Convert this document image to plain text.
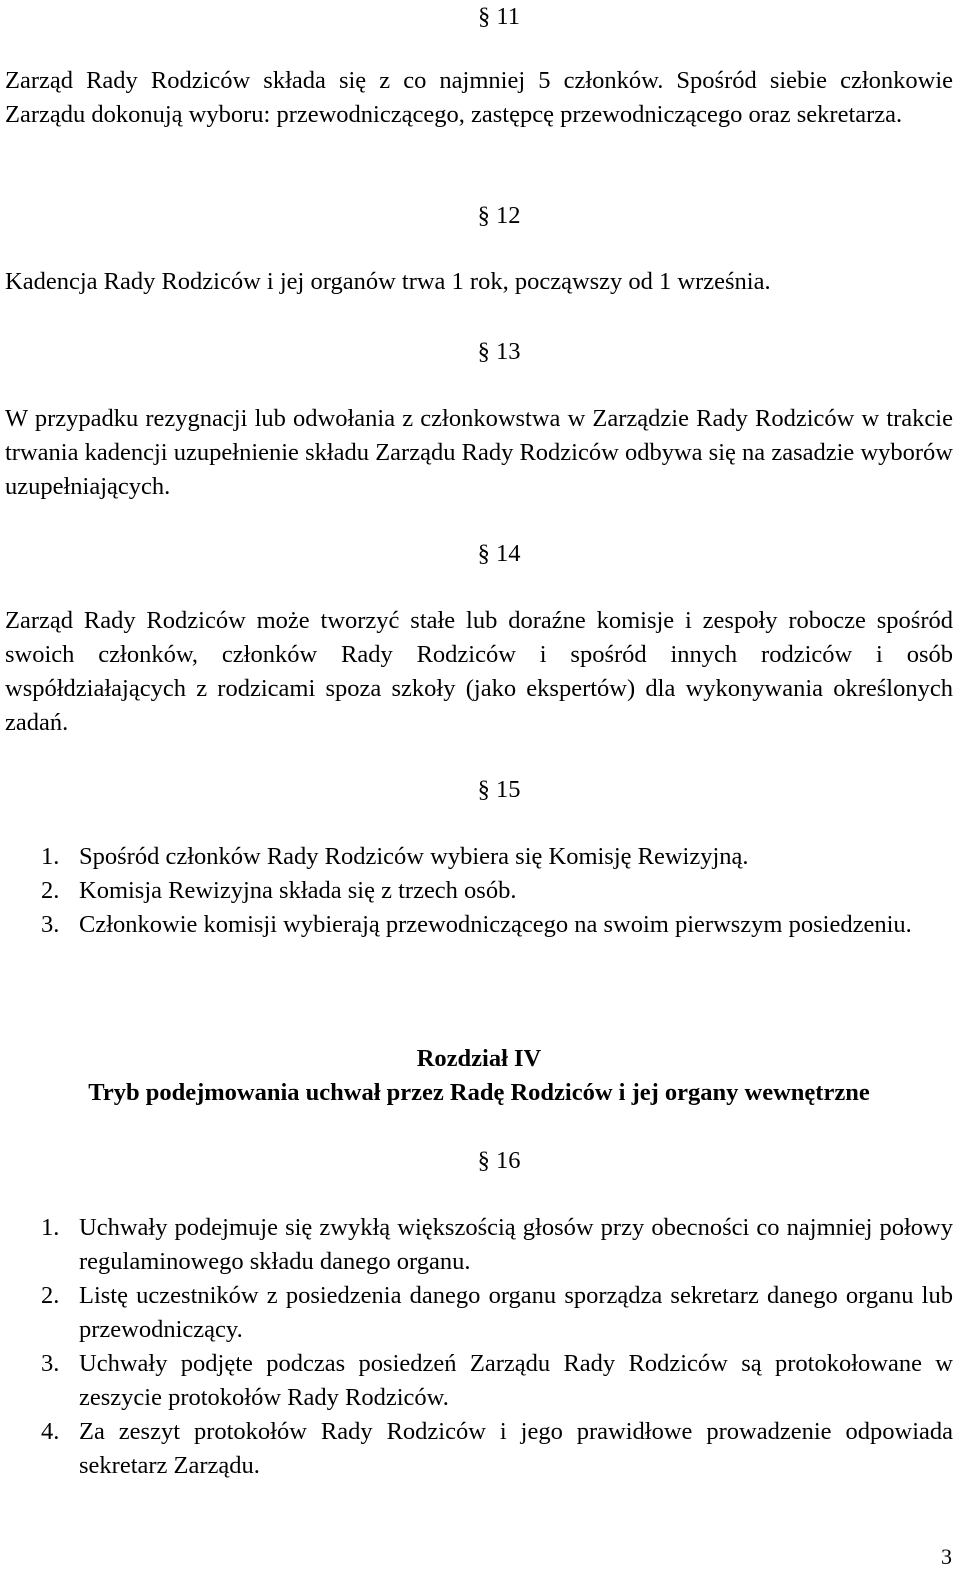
§ 11

Zarząd Rady Rodziców składa się z co najmniej 5 członków. Spośród siebie członkowie Zarządu dokonują wyboru: przewodniczącego, zastępcę przewodniczącego oraz sekretarza.

§ 12

Kadencja Rady Rodziców i jej organów trwa 1 rok, począwszy od 1 września.

§ 13

W przypadku rezygnacji lub odwołania z członkowstwa w Zarządzie Rady Rodziców w trakcie trwania kadencji uzupełnienie składu Zarządu Rady Rodziców odbywa się na zasadzie wyborów uzupełniających.

§ 14

Zarząd Rady Rodziców może tworzyć stałe lub doraźne komisje i zespoły robocze spośród swoich członków, członków Rady Rodziców i spośród innych rodziców i osób współdziałających z rodzicami spoza szkoły (jako ekspertów) dla wykonywania określonych zadań.

§ 15
1. Spośród członków Rady Rodziców wybiera się Komisję Rewizyjną.
2. Komisja Rewizyjna składa się z trzech osób.
3. Członkowie komisji wybierają przewodniczącego na swoim pierwszym posiedzeniu.

Rozdział IV

Tryb podejmowania uchwał przez Radę Rodziców i jej organy wewnętrzne

§ 16
1. Uchwały podejmuje się zwykłą większością głosów przy obecności co najmniej połowy regulaminowego składu danego organu.
2. Listę uczestników z posiedzenia danego organu sporządza sekretarz danego organu lub przewodniczący.
3. Uchwały podjęte podczas posiedzeń Zarządu Rady Rodziców są protokołowane w zeszycie protokołów Rady Rodziców.
4. Za zeszyt protokołów Rady Rodziców i jego prawidłowe prowadzenie odpowiada sekretarz Zarządu.
3
